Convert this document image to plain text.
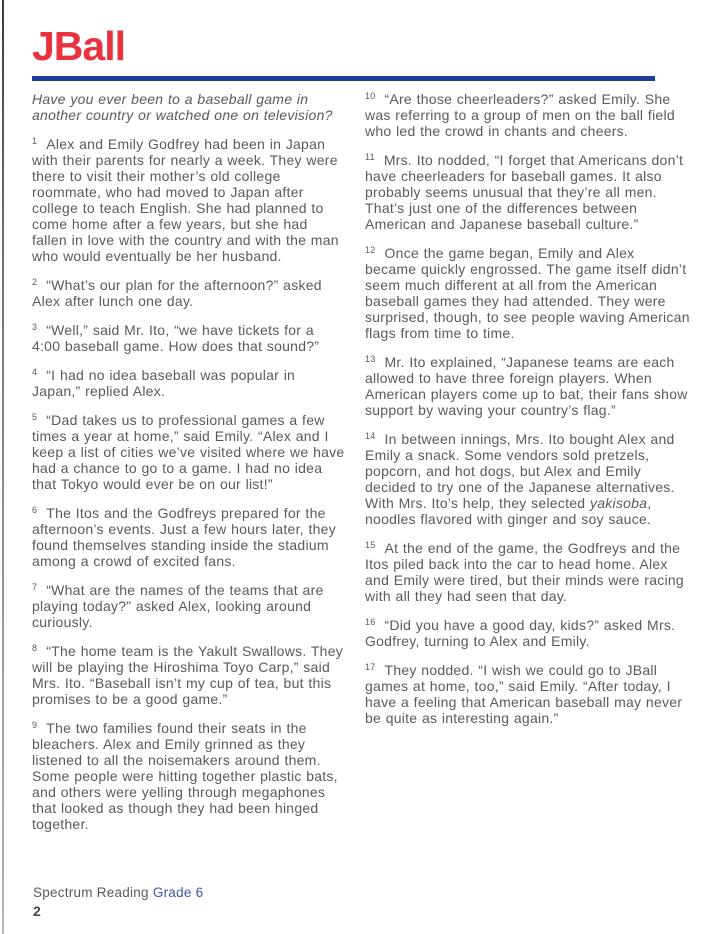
JBall

Have you ever been to a baseball game in another country or watched one on television?

$^1$ Alex and Emily Godfrey had been in Japan with their parents for nearly a week. They were there to visit their mother’s old college roommate, who had moved to Japan after college to teach English. She had planned to come home after a few years, but she had fallen in love with the country and with the man who would eventually be her husband.

$^2$ “What’s our plan for the afternoon?” asked Alex after lunch one day.

$^3$ “Well,” said Mr. Ito, “we have tickets for a 4:00 baseball game. How does that sound?”

$^4$ “I had no idea baseball was popular in Japan,” replied Alex.

$^5$ “Dad takes us to professional games a few times a year at home,” said Emily. “Alex and I keep a list of cities we’ve visited where we have had a chance to go to a game. I had no idea that Tokyo would ever be on our list!”

$^6$ The Itos and the Godfreys prepared for the afternoon’s events. Just a few hours later, they found themselves standing inside the stadium among a crowd of excited fans.

$^7$ “What are the names of the teams that are playing today?” asked Alex, looking around curiously.

$^8$ “The home team is the Yakult Swallows. They will be playing the Hiroshima Toyo Carp,” said Mrs. Ito. “Baseball isn’t my cup of tea, but this promises to be a good game.”

$^9$ The two families found their seats in the bleachers. Alex and Emily grinned as they listened to all the noisemakers around them. Some people were hitting together plastic bats, and others were yelling through megaphones that looked as though they had been hinged together.

$^{10}$ “Are those cheerleaders?” asked Emily. She was referring to a group of men on the ball field who led the crowd in chants and cheers.

$^{11}$ Mrs. Ito nodded, “I forget that Americans don’t have cheerleaders for baseball games. It also probably seems unusual that they’re all men. That’s just one of the differences between American and Japanese baseball culture.”

$^{12}$ Once the game began, Emily and Alex became quickly engrossed. The game itself didn’t seem much different at all from the American baseball games they had attended. They were surprised, though, to see people waving American flags from time to time.

$^{13}$ Mr. Ito explained, “Japanese teams are each allowed to have three foreign players. When American players come up to bat, their fans show support by waving your country’s flag.”

$^{14}$ In between innings, Mrs. Ito bought Alex and Emily a snack. Some vendors sold pretzels, popcorn, and hot dogs, but Alex and Emily decided to try one of the Japanese alternatives. With Mrs. Ito’s help, they selected yakisoba, noodles flavored with ginger and soy sauce.

$^{15}$ At the end of the game, the Godfreys and the Itos piled back into the car to head home. Alex and Emily were tired, but their minds were racing with all they had seen that day.

$^{16}$ “Did you have a good day, kids?” asked Mrs. Godfrey, turning to Alex and Emily.

$^{17}$ They nodded. “I wish we could go to JBall games at home, too,” said Emily. “After today, I have a feeling that American baseball may never be quite as interesting again.”

Spectrum Reading Grade 6
2
